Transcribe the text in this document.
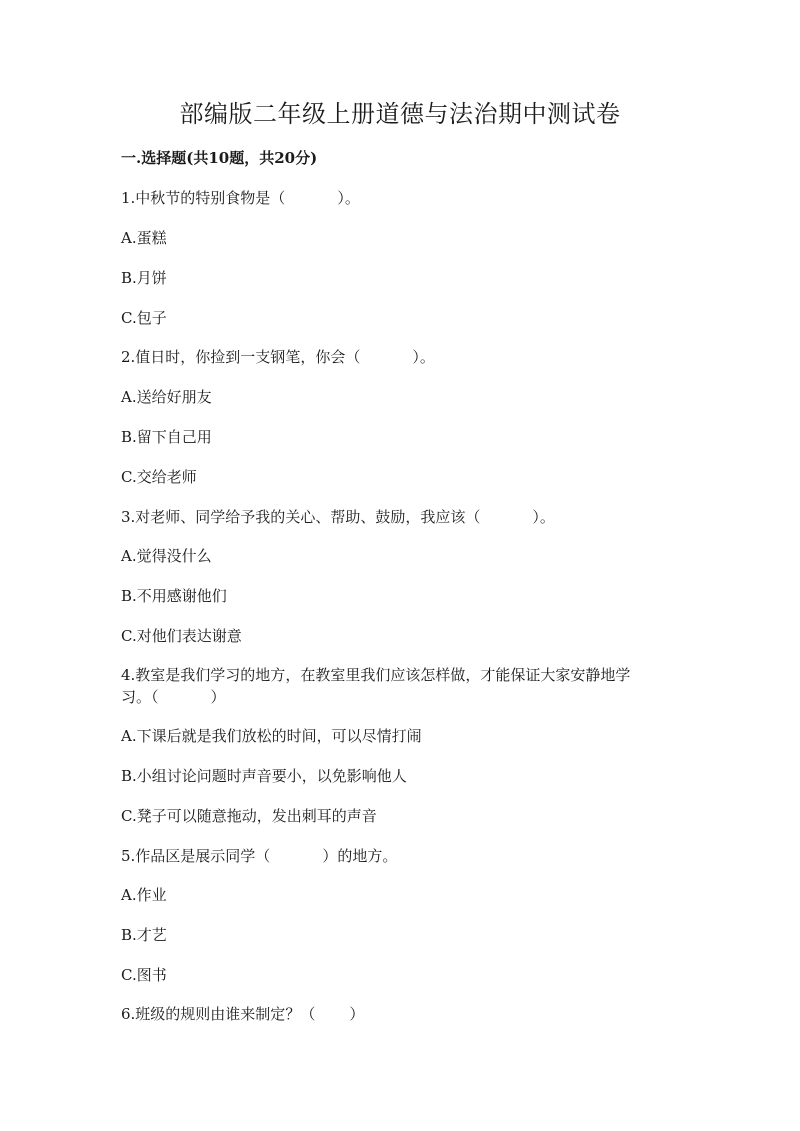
部编版二年级上册道德与法治期中测试卷

一.选择题(共10题，共20分)

1.中秋节的特别食物是（	）。

A.蛋糕

B.月饼

C.包子

2.值日时，你捡到一支钢笔，你会（	）。

A.送给好朋友

B.留下自己用

C.交给老师

3.对老师、同学给予我的关心、帮助、鼓励，我应该（	）。

A.觉得没什么

B.不用感谢他们

C.对他们表达谢意

4.教室是我们学习的地方，在教室里我们应该怎样做，才能保证大家安静地学

习。（	）

A.下课后就是我们放松的时间，可以尽情打闹

B.小组讨论问题时声音要小，以免影响他人

C.凳子可以随意拖动，发出刺耳的声音

5.作品区是展示同学（	）的地方。

A.作业

B.才艺

C.图书

6.班级的规则由谁来制定？（ ）
